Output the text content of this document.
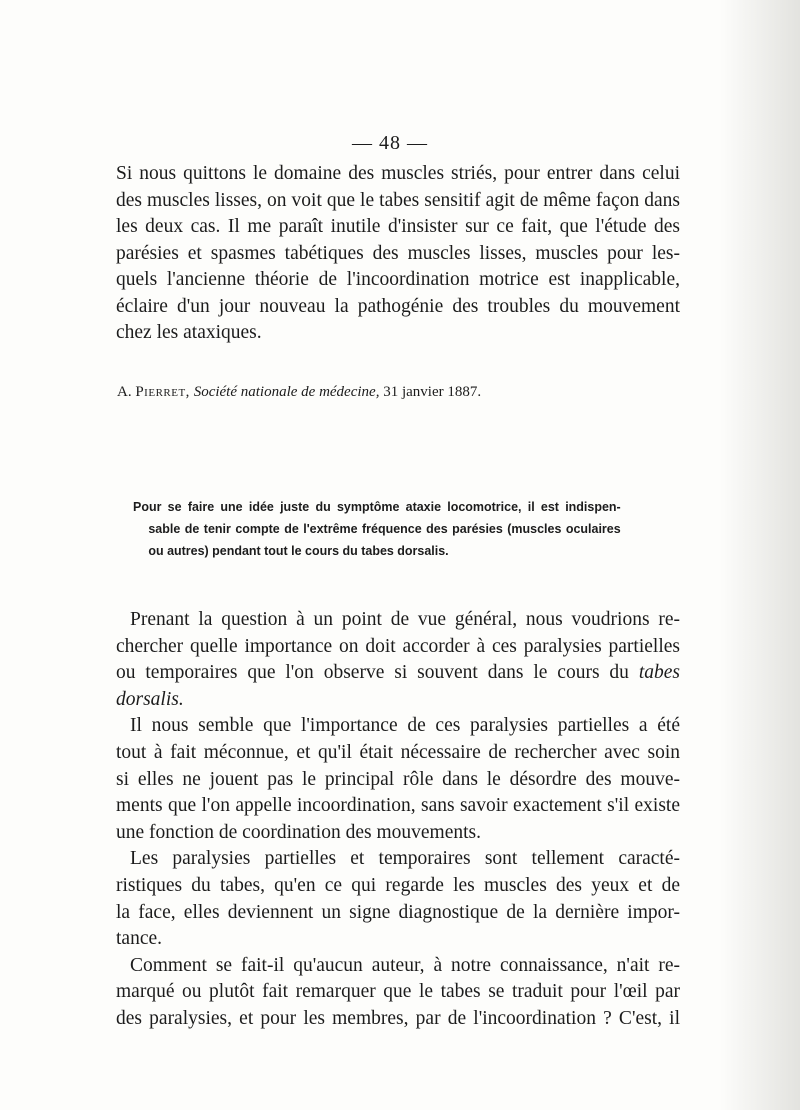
— 48 —
Si nous quittons le domaine des muscles striés, pour entrer dans celui
des muscles lisses, on voit que le tabes sensitif agit de même façon dans
les deux cas. Il me paraît inutile d'insister sur ce fait, que l'étude des
parésies et spasmes tabétiques des muscles lisses, muscles pour les-
quels l'ancienne théorie de l'incoordination motrice est inapplicable,
éclaire d'un jour nouveau la pathogénie des troubles du mouvement
chez les ataxiques.

A. Pierret, Société nationale de médecine, 31 janvier 1887.

Pour se faire une idée juste du symptôme ataxie locomotrice, il est indispen-
sable de tenir compte de l'extrême fréquence des parésies (muscles oculaires
ou autres) pendant tout le cours du tabes dorsalis.
Prenant la question à un point de vue général, nous voudrions re-
chercher quelle importance on doit accorder à ces paralysies partielles
ou temporaires que l'on observe si souvent dans le cours du tabes
dorsalis.
Il nous semble que l'importance de ces paralysies partielles a été
tout à fait méconnue, et qu'il était nécessaire de rechercher avec soin
si elles ne jouent pas le principal rôle dans le désordre des mouve-
ments que l'on appelle incoordination, sans savoir exactement s'il existe
une fonction de coordination des mouvements.
Les paralysies partielles et temporaires sont tellement caracté-
ristiques du tabes, qu'en ce qui regarde les muscles des yeux et de
la face, elles deviennent un signe diagnostique de la dernière impor-
tance.
Comment se fait-il qu'aucun auteur, à notre connaissance, n'ait re-
marqué ou plutôt fait remarquer que le tabes se traduit pour l'œil par
des paralysies, et pour les membres, par de l'incoordination ? C'est, il
